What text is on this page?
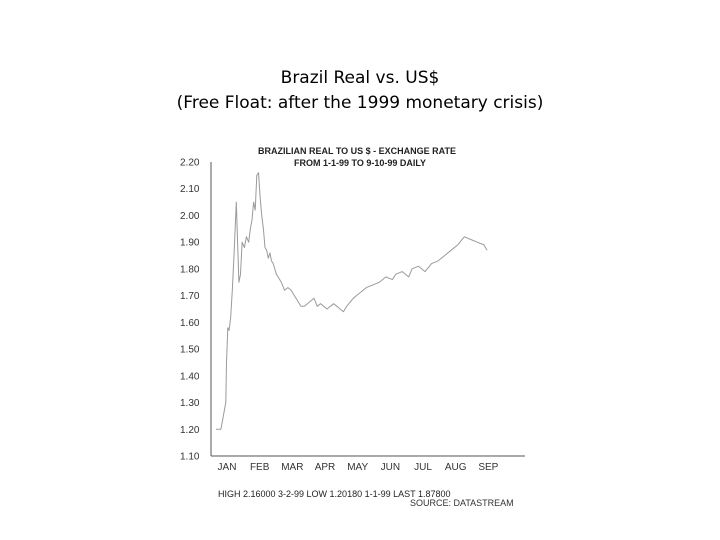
Brazil Real vs. US$
(Free Float: after the 1999 monetary crisis)
BRAZILIAN REAL TO US $ - EXCHANGE RATE
FROM 1-1-99 TO 9-10-99 DAILY
2.20
2.10
2.00
1.90
1.80
1.70
1.60
1.50
1.40
1.30
1.20
1.10
JAN FEB MAR APR MAY JUN JUL AUG SEP
HIGH 2.16000 3-2-99 LOW 1.20180 1-1-99 LAST 1.87800
SOURCE: DATASTREAM
